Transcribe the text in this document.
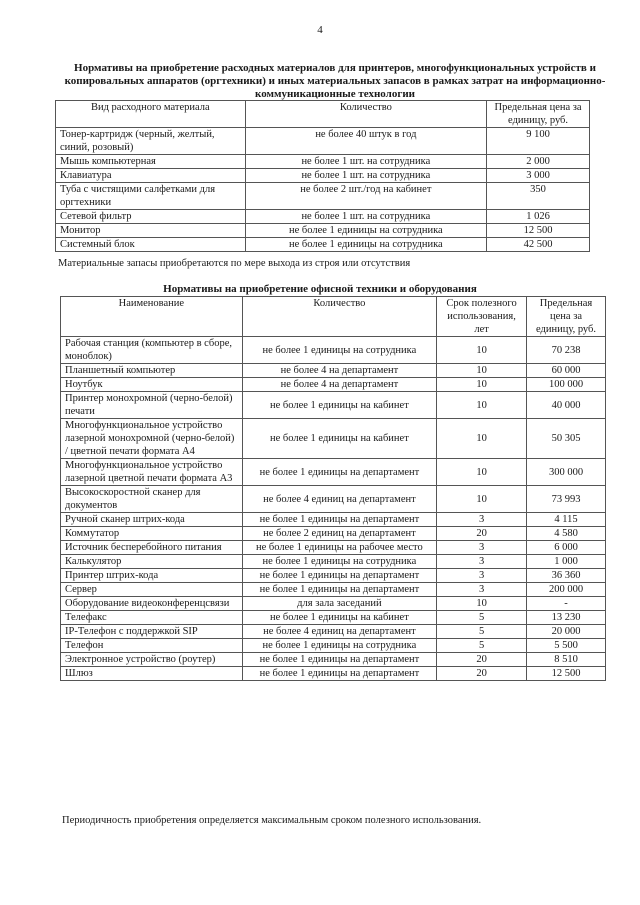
4
Нормативы на приобретение расходных материалов для принтеров, многофункциональных устройств и копировальных аппаратов (оргтехники) и иных материальных запасов в рамках затрат на информационно-коммуникационные технологии
Вид расходного материала	Количество	Предельная цена за единицу, руб.
Тонер-картридж (черный, желтый, синий, розовый)	не более 40 штук в год	9 100
Мышь компьютерная	не более 1 шт. на сотрудника	2 000
Клавиатура	не более 1 шт. на сотрудника	3 000
Туба с чистящими салфетками для оргтехники	не более 2 шт./год на кабинет	350
Сетевой фильтр	не более 1 шт. на сотрудника	1 026
Монитор	не более 1 единицы на сотрудника	12 500
Системный блок	не более 1 единицы на сотрудника	42 500
Материальные запасы приобретаются по мере выхода из строя или отсутствия
Нормативы на приобретение офисной техники и оборудования
Наименование	Количество	Срок полезного использования, лет	Предельная цена за единицу, руб.
Рабочая станция (компьютер в сборе, моноблок)	не более 1 единицы на сотрудника	10	70 238
Планшетный компьютер	не более 4 на департамент	10	60 000
Ноутбук	не более 4 на департамент	10	100 000
Принтер монохромной (черно-белой) печати	не более 1 единицы на кабинет	10	40 000
Многофункциональное устройство лазерной монохромной (черно-белой) / цветной печати формата А4	не более 1 единицы на кабинет	10	50 305
Многофункциональное устройство лазерной цветной печати формата А3	не более 1 единицы на департамент	10	300 000
Высокоскоростной сканер для документов	не более 4 единиц на департамент	10	73 993
Ручной сканер штрих-кода	не более 1 единицы на департамент	3	4 115
Коммутатор	не более 2 единиц на департамент	20	4 580
Источник бесперебойного питания	не более 1 единицы на рабочее место	3	6 000
Калькулятор	не более 1 единицы на сотрудника	3	1 000
Принтер штрих-кода	не более 1 единицы на департамент	3	36 360
Сервер	не более 1 единицы на департамент	3	200 000
Оборудование видеоконференцсвязи	для зала заседаний	10	-
Телефакс	не более 1 единицы на кабинет	5	13 230
IP-Телефон с поддержкой SIP	не более 4 единиц на департамент	5	20 000
Телефон	не более 1 единицы на сотрудника	5	5 500
Электронное устройство (роутер)	не более 1 единицы на департамент	20	8 510
Шлюз	не более 1 единицы на департамент	20	12 500
Периодичность приобретения определяется максимальным сроком полезного использования.
